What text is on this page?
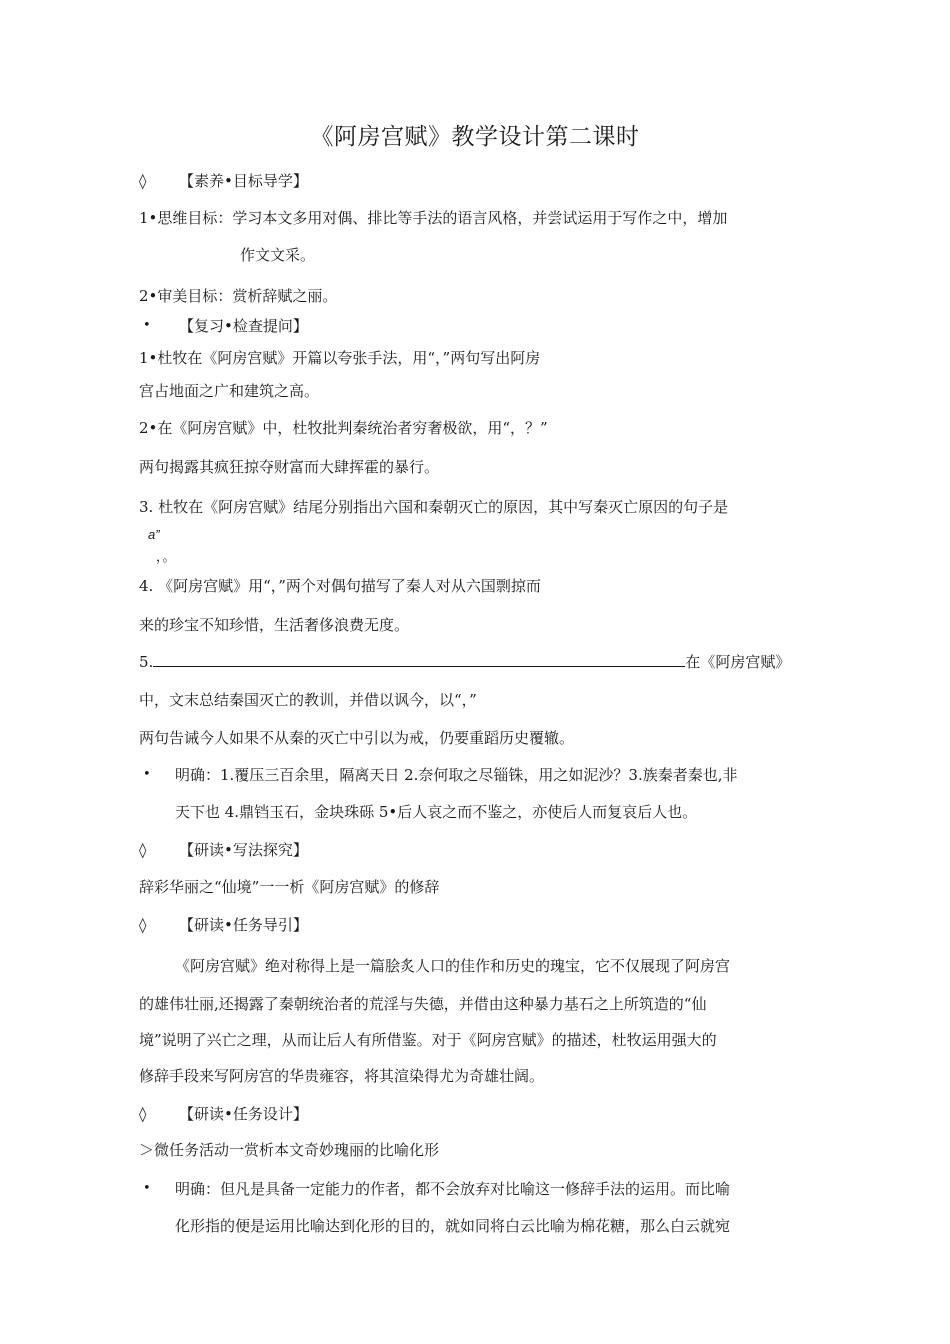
《阿房宫赋》教学设计第二课时
◊ 【素养•目标导学】
1•思维目标：学习本文多用对偶、排比等手法的语言风格，并尝试运用于写作之中，增加
作文文采。
2•审美目标：赏析辞赋之丽。
• 【复习•检查提问】
1•杜牧在《阿房宫赋》开篇以夸张手法，用“，”两句写出阿房
宫占地面之广和建筑之高。
2•在《阿房宫赋》中，杜牧批判秦统治者穷奢极欲，用“，？”
两句揭露其疯狂掠夺财富而大肆挥霍的暴行。
3. 杜牧在《阿房宫赋》结尾分别指出六国和秦朝灭亡的原因，其中写秦灭亡原因的句子是
a”
，。
4. 《阿房宫赋》用“，”两个对偶句描写了秦人对从六国剽掠而
来的珍宝不知珍惜，生活奢侈浪费无度。
5.	在《阿房宫赋》
中，文末总结秦国灭亡的教训，并借以讽今，以“，”
两句告诫今人如果不从秦的灭亡中引以为戒，仍要重蹈历史覆辙。
• 明确：1.覆压三百余里，隔离天日 2.奈何取之尽锱铢，用之如泥沙？3.族秦者秦也,非
天下也 4.鼎铛玉石，金块珠砾 5•后人哀之而不鉴之，亦使后人而复哀后人也。
◊ 【研读•写法探究】
辞彩华丽之“仙境”一一析《阿房宫赋》的修辞
◊ 【研读•任务导引】
《阿房宫赋》绝对称得上是一篇脍炙人口的佳作和历史的瑰宝，它不仅展现了阿房宫
的雄伟壮丽,还揭露了秦朝统治者的荒淫与失德，并借由这种暴力基石之上所筑造的“仙
境”说明了兴亡之理，从而让后人有所借鉴。对于《阿房宫赋》的描述，杜牧运用强大的
修辞手段来写阿房宫的华贵雍容，将其渲染得尤为奇雄壮阔。
◊ 【研读•任务设计】
＞微任务活动一赏析本文奇妙瑰丽的比喻化形
• 明确：但凡是具备一定能力的作者，都不会放弃对比喻这一修辞手法的运用。而比喻
化形指的便是运用比喻达到化形的目的，就如同将白云比喻为棉花糖，那么白云就宛
